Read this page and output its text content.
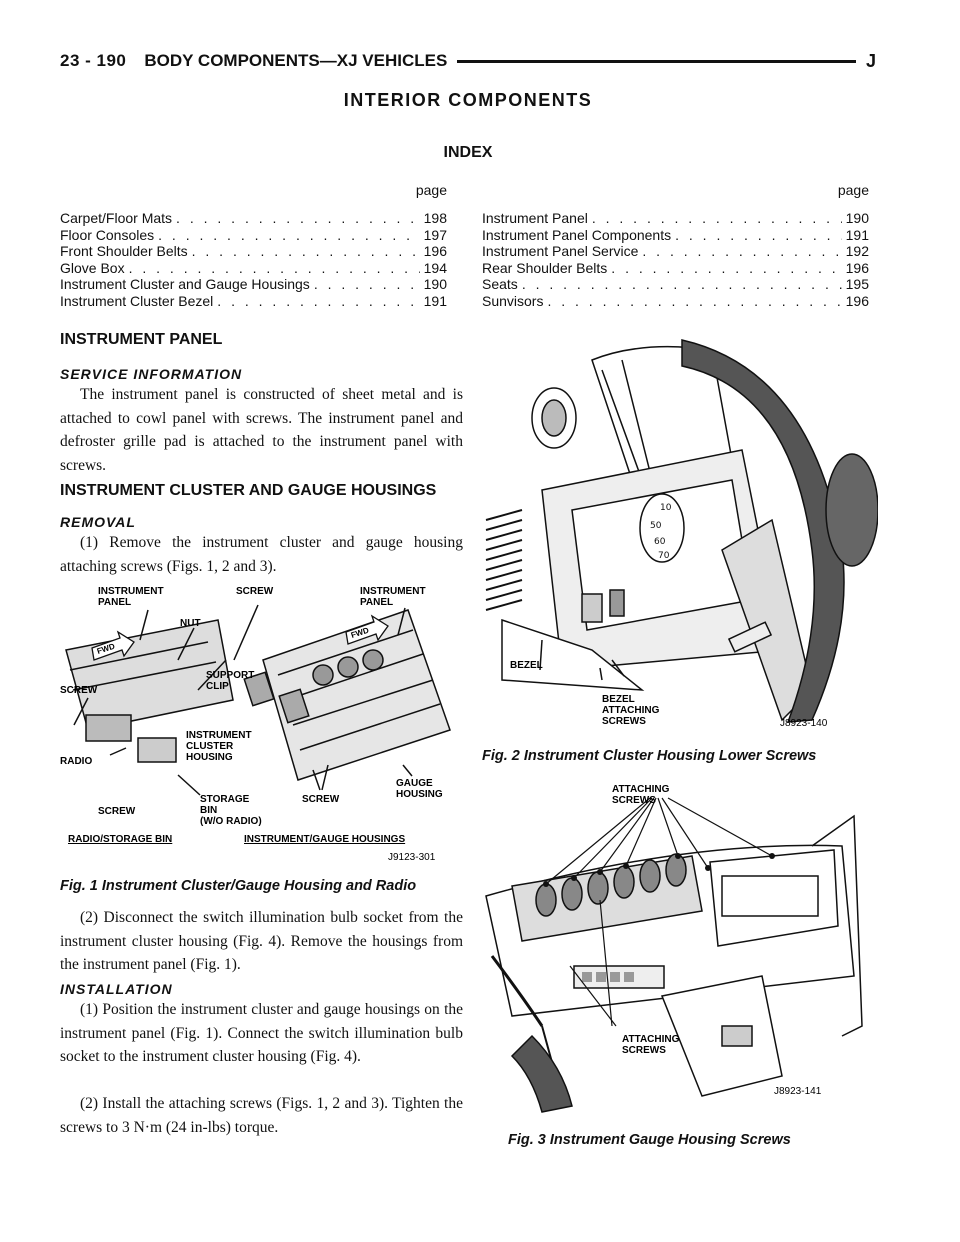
23 - 190 BODY COMPONENTS—XJ VEHICLES	J
INTERIOR COMPONENTS
INDEX
page
Carpet/Floor Mats . . .	198
Floor Consoles . . .	197
Front Shoulder Belts . . .	196
Glove Box . . .	194
Instrument Cluster and Gauge Housings . . .	190
Instrument Cluster Bezel . . .	191
page
Instrument Panel . . .	190
Instrument Panel Components . . .	191
Instrument Panel Service . . .	192
Rear Shoulder Belts . . .	196
Seats . . .	195
Sunvisors . . .	196
INSTRUMENT PANEL
SERVICE INFORMATION
The instrument panel is constructed of sheet metal and is attached to cowl panel with screws. The instrument panel and defroster grille pad is attached to the instrument panel with screws.
INSTRUMENT CLUSTER AND GAUGE HOUSINGS
REMOVAL
(1) Remove the instrument cluster and gauge housing attaching screws (Figs. 1, 2 and 3).
FWD
FWD
INSTRUMENT PANEL
NUT
SCREW	INSTRUMENT PANEL
SCREW
SUPPORT CLIP
RADIO
INSTRUMENT CLUSTER HOUSING
SCREW
STORAGE BIN (W/O RADIO)
SCREW
GAUGE HOUSING
RADIO/STORAGE BIN	INSTRUMENT/GAUGE HOUSINGS
J9123-301
Fig. 1 Instrument Cluster/Gauge Housing and Radio
(2) Disconnect the switch illumination bulb socket from the instrument cluster housing (Fig. 4). Remove the housings from the instrument panel (Fig. 1).
INSTALLATION
(1) Position the instrument cluster and gauge housings on the instrument panel (Fig. 1). Connect the switch illumination bulb socket to the instrument cluster housing (Fig. 4).
(2) Install the attaching screws (Figs. 1, 2 and 3). Tighten the screws to 3 N·m (24 in-lbs) torque.
10
50
60
70
BEZEL
BEZEL ATTACHING SCREWS	J8923-140
Fig. 2 Instrument Cluster Housing Lower Screws
ATTACHING SCREWS
ATTACHING SCREWS
J8923-141
Fig. 3 Instrument Gauge Housing Screws
